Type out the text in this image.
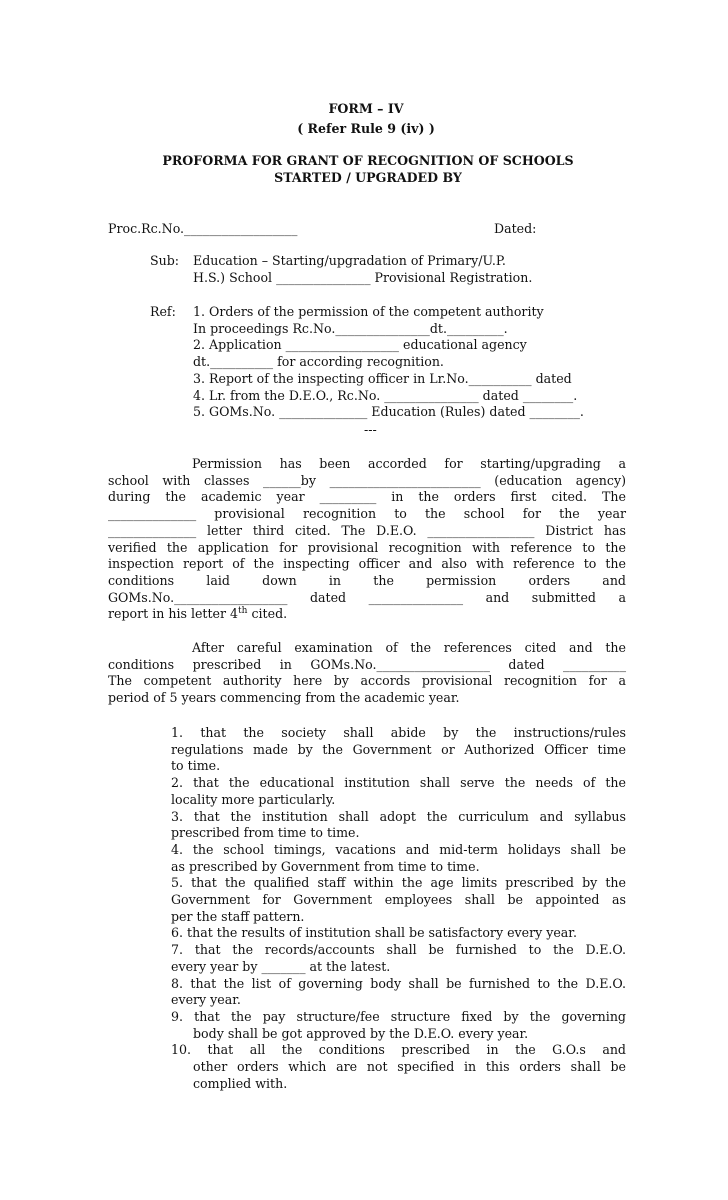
FORM – IV
( Refer Rule 9 (iv) )
PROFORMA FOR GRANT OF RECOGNITION OF SCHOOLS
STARTED / UPGRADED BY
Proc.Rc.No.__________________	Dated:
Sub: Education – Starting/upgradation of Primary/U.P.
H.S.) School _______________ Provisional Registration.
Ref: 1. Orders of the permission of the competent authority
In proceedings Rc.No._______________dt._________.
2. Application __________________ educational agency
dt.__________ for according recognition.
3. Report of the inspecting officer in Lr.No.__________ dated
4. Lr. from the D.E.O., Rc.No. _______________ dated ________.
5. GOMs.No. ______________ Education (Rules) dated ________.
---
Permission has been accorded for starting/upgrading a
school with classes ______by ________________________ (education agency)
during the academic year _________ in the orders first cited. The
______________ provisional recognition to the school for the year
______________ letter third cited. The D.E.O. _________________ District has
verified the application for provisional recognition with reference to the
inspection report of the inspecting officer and also with reference to the
conditions laid down in the permission orders and
GOMs.No.__________________ dated _______________ and submitted a
report in his letter 4th cited.
After careful examination of the references cited and the
conditions prescribed in GOMs.No.__________________ dated __________
The competent authority here by accords provisional recognition for a
period of 5 years commencing from the academic year.
1. that the society shall abide by the instructions/rules
regulations made by the Government or Authorized Officer time
to time.
2. that the educational institution shall serve the needs of the
locality more particularly.
3. that the institution shall adopt the curriculum and syllabus
prescribed from time to time.
4. the school timings, vacations and mid-term holidays shall be
as prescribed by Government from time to time.
5. that the qualified staff within the age limits prescribed by the
Government for Government employees shall be appointed as
per the staff pattern.
6. that the results of institution shall be satisfactory every year.
7. that the records/accounts shall be furnished to the D.E.O.
every year by _______ at the latest.
8. that the list of governing body shall be furnished to the D.E.O.
every year.
9. that the pay structure/fee structure fixed by the governing
body shall be got approved by the D.E.O. every year.
10. that all the conditions prescribed in the G.O.s and
other orders which are not specified in this orders shall be
complied with.
